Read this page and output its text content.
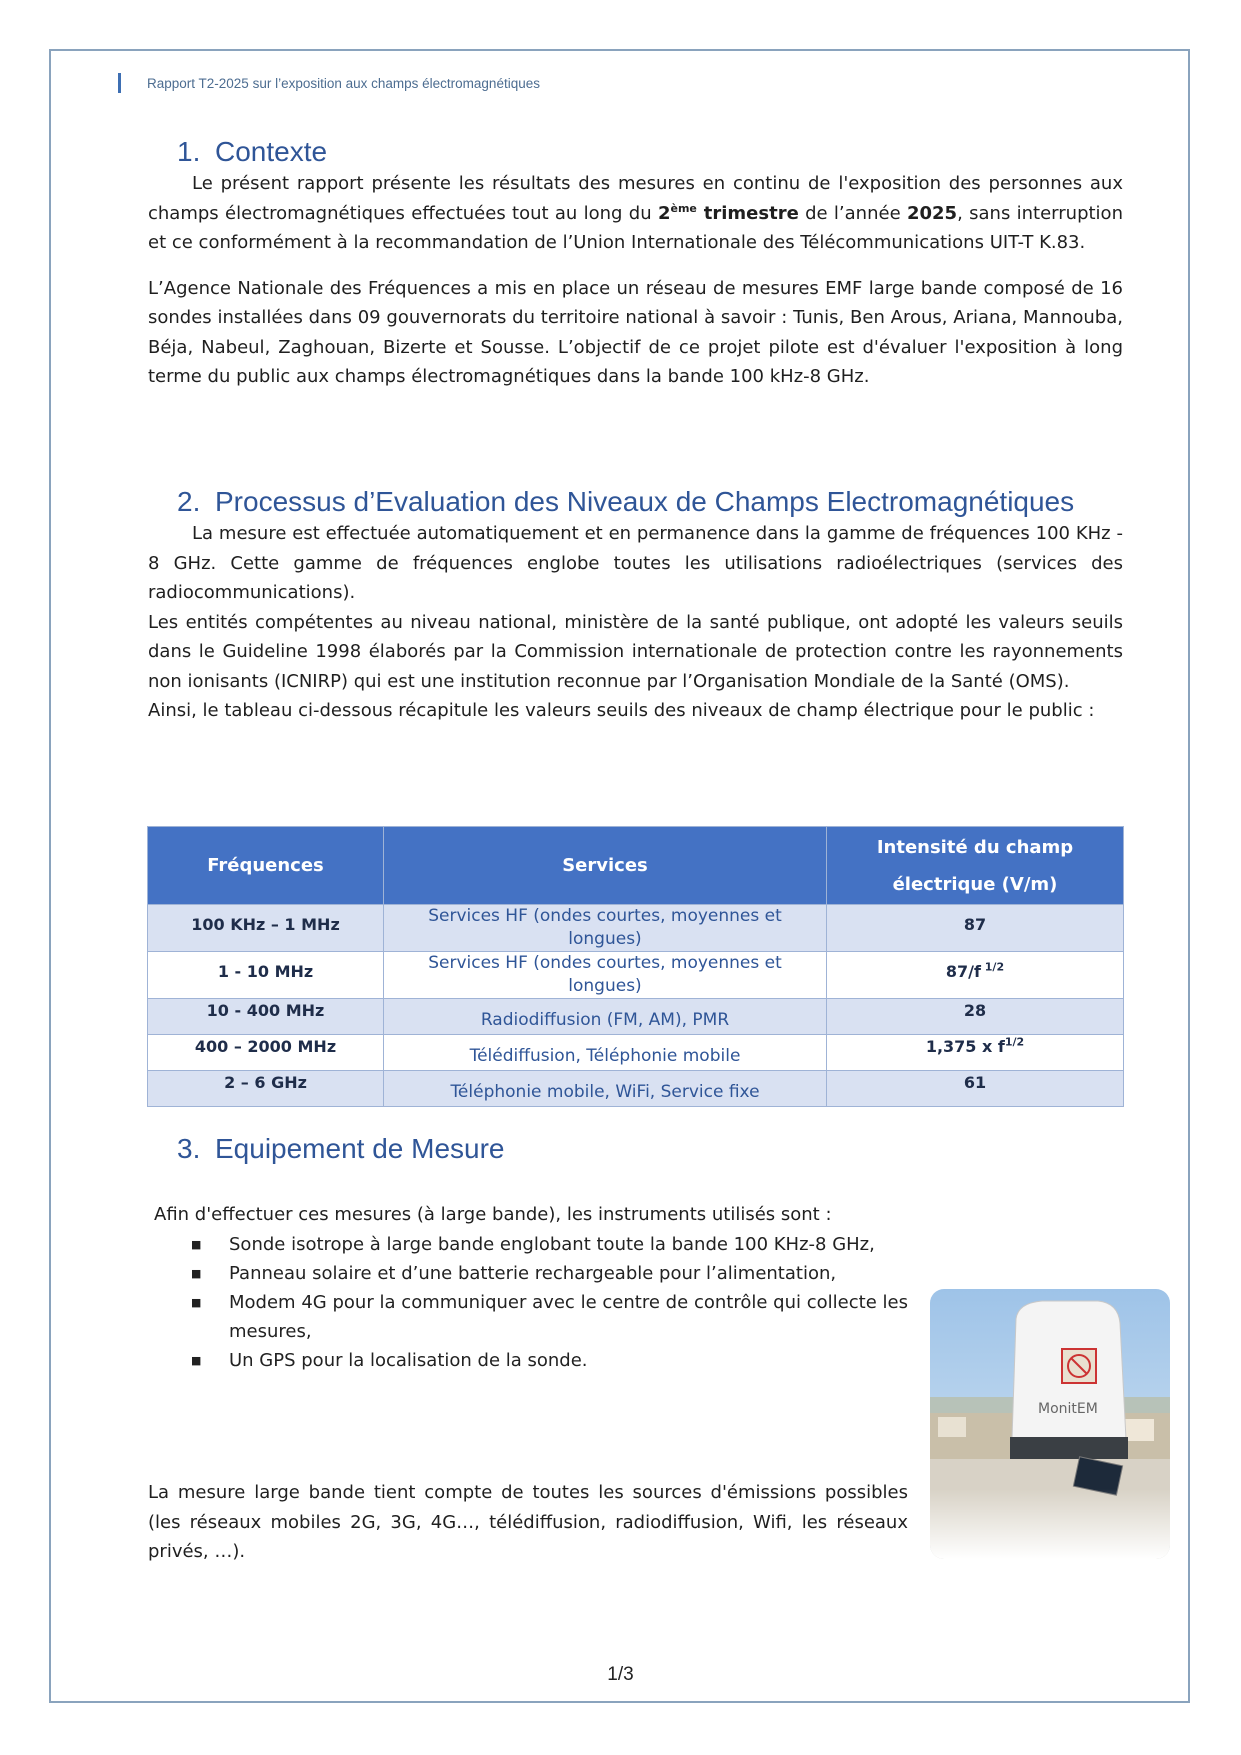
Rapport T2-2025 sur l’exposition aux champs électromagnétiques
1. Contexte

Le présent rapport présente les résultats des mesures en continu de l'exposition des personnes aux champs électromagnétiques effectuées tout au long du 2ème trimestre de l’année 2025, sans interruption et ce conformément à la recommandation de l’Union Internationale des Télécommunications UIT-T K.83.

L’Agence Nationale des Fréquences a mis en place un réseau de mesures EMF large bande composé de 16 sondes installées dans 09 gouvernorats du territoire national à savoir : Tunis, Ben Arous, Ariana, Mannouba, Béja, Nabeul, Zaghouan, Bizerte et Sousse. L’objectif de ce projet pilote est d'évaluer l'exposition à long terme du public aux champs électromagnétiques dans la bande 100 kHz-8 GHz.

2. Processus d’Evaluation des Niveaux de Champs Electromagnétiques

La mesure est effectuée automatiquement et en permanence dans la gamme de fréquences 100 KHz - 8 GHz. Cette gamme de fréquences englobe toutes les utilisations radioélectriques (services des radiocommunications).

Les entités compétentes au niveau national, ministère de la santé publique, ont adopté les valeurs seuils dans le Guideline 1998 élaborés par la Commission internationale de protection contre les rayonnements non ionisants (ICNIRP) qui est une institution reconnue par l’Organisation Mondiale de la Santé (OMS).

Ainsi, le tableau ci-dessous récapitule les valeurs seuils des niveaux de champ électrique pour le public :

Fréquences	Services	Intensité du champ électrique (V/m)
100 KHz – 1 MHz	Services HF (ondes courtes, moyennes et longues)	87
1 - 10 MHz	Services HF (ondes courtes, moyennes et longues)	87/f $^{1/2}$
10 - 400 MHz	Radiodiffusion (FM, AM), PMR	28
400 – 2000 MHz	Télédiffusion, Téléphonie mobile	1,375 x $f^{1/2}$
2 – 6 GHz	Téléphonie mobile, WiFi, Service fixe	61
3. Equipement de Mesure

Afin d'effectuer ces mesures (à large bande), les instruments utilisés sont :

■	Sonde isotrope à large bande englobant toute la bande 100 KHz-8 GHz,
■	Panneau solaire et d’une batterie rechargeable pour l’alimentation,
■	Modem 4G pour la communiquer avec le centre de contrôle qui collecte les mesures,
■	Un GPS pour la localisation de la sonde.

La mesure large bande tient compte de toutes les sources d'émissions possibles (les réseaux mobiles 2G, 3G, 4G…, télédiffusion, radiodiffusion, Wifi, les réseaux privés, …).

MonitEM
1/3
